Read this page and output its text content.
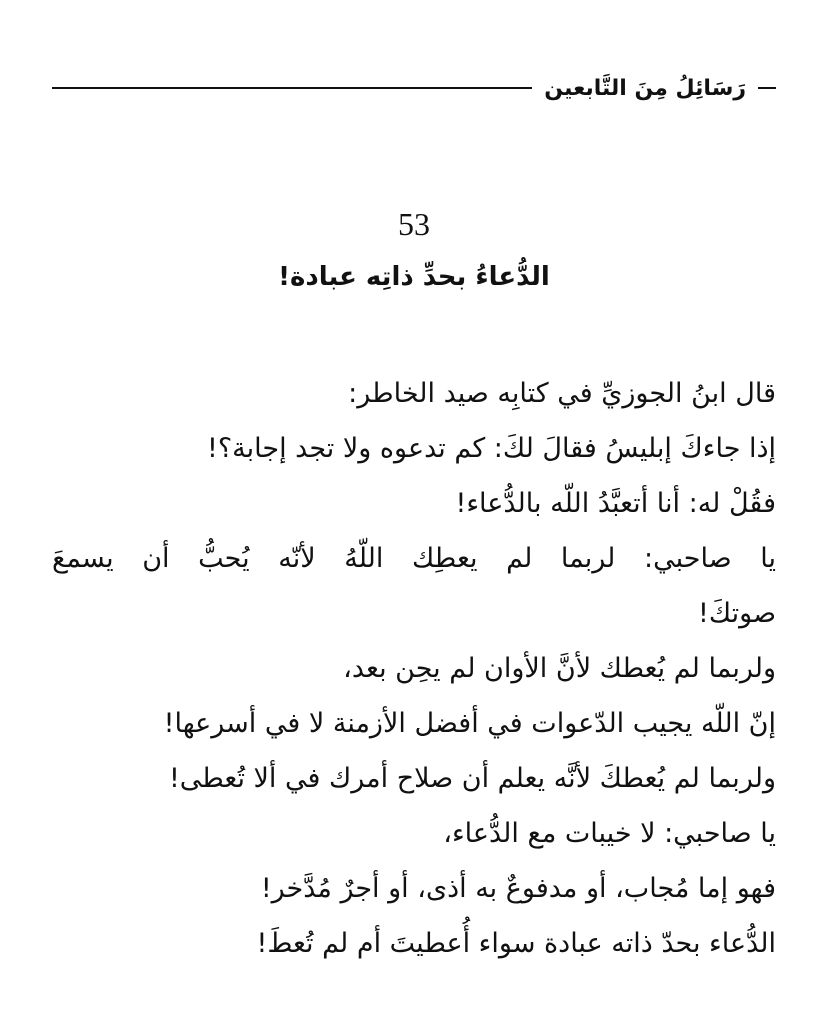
رَسَائِلُ مِنَ التَّابعين
53
الدُّعاءُ بحدِّ ذاتِه عبادة!
قال ابنُ الجوزيِّ في كتابِه صيد الخاطر:
إذا جاءكَ إبليسُ فقالَ لكَ: كم تدعوه ولا تجد إجابة؟!
فقُلْ له: أنا أتعبَّدُ اللّه بالدُّعاء!
يا صاحبي: لربما لم يعطِك اللّهُ لأنّه يُحبُّ أن يسمعَ
صوتكَ!
ولربما لم يُعطك لأنَّ الأوان لم يحِن بعد،
إنّ اللّه يجيب الدّعوات في أفضل الأزمنة لا في أسرعها!
ولربما لم يُعطكَ لأنَّه يعلم أن صلاح أمرك في ألا تُعطى!
يا صاحبي: لا خيبات مع الدُّعاء،
فهو إما مُجاب، أو مدفوعٌ به أذى، أو أجرٌ مُدَّخر!
الدُّعاء بحدّ ذاته عبادة سواء أُعطيتَ أم لم تُعطَ!
